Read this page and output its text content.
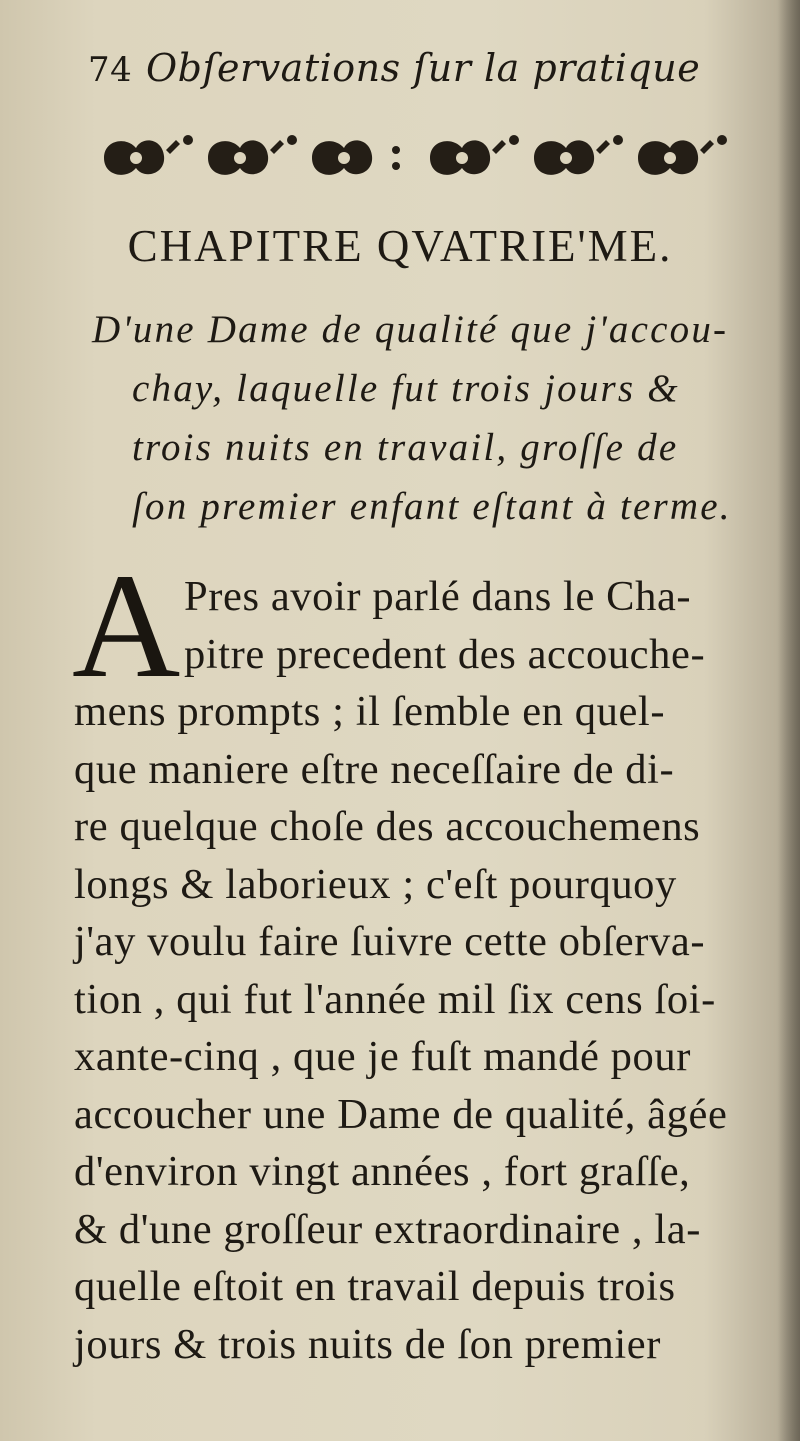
74 Obſervations ſur la pratique
CHAPITRE QVATRIE'ME.
D'une Dame de qualité que j'accou-
chay, laquelle fut trois jours &
trois nuits en travail, groſſe de
ſon premier enfant eſtant à terme.
A Pres avoir parlé dans le Cha-
pitre precedent des accouche-
mens prompts ; il ſemble en quel-
que maniere eſtre neceſſaire de di-
re quelque choſe des accouchemens
longs & laborieux ; c'eſt pourquoy
j'ay voulu faire ſuivre cette obſerva-
tion , qui fut l'année mil ſix cens ſoi-
xante-cinq , que je fuſt mandé pour
accoucher une Dame de qualité, âgée
d'environ vingt années , fort graſſe,
& d'une groſſeur extraordinaire , la-
quelle eſtoit en travail depuis trois
jours & trois nuits de ſon premier
